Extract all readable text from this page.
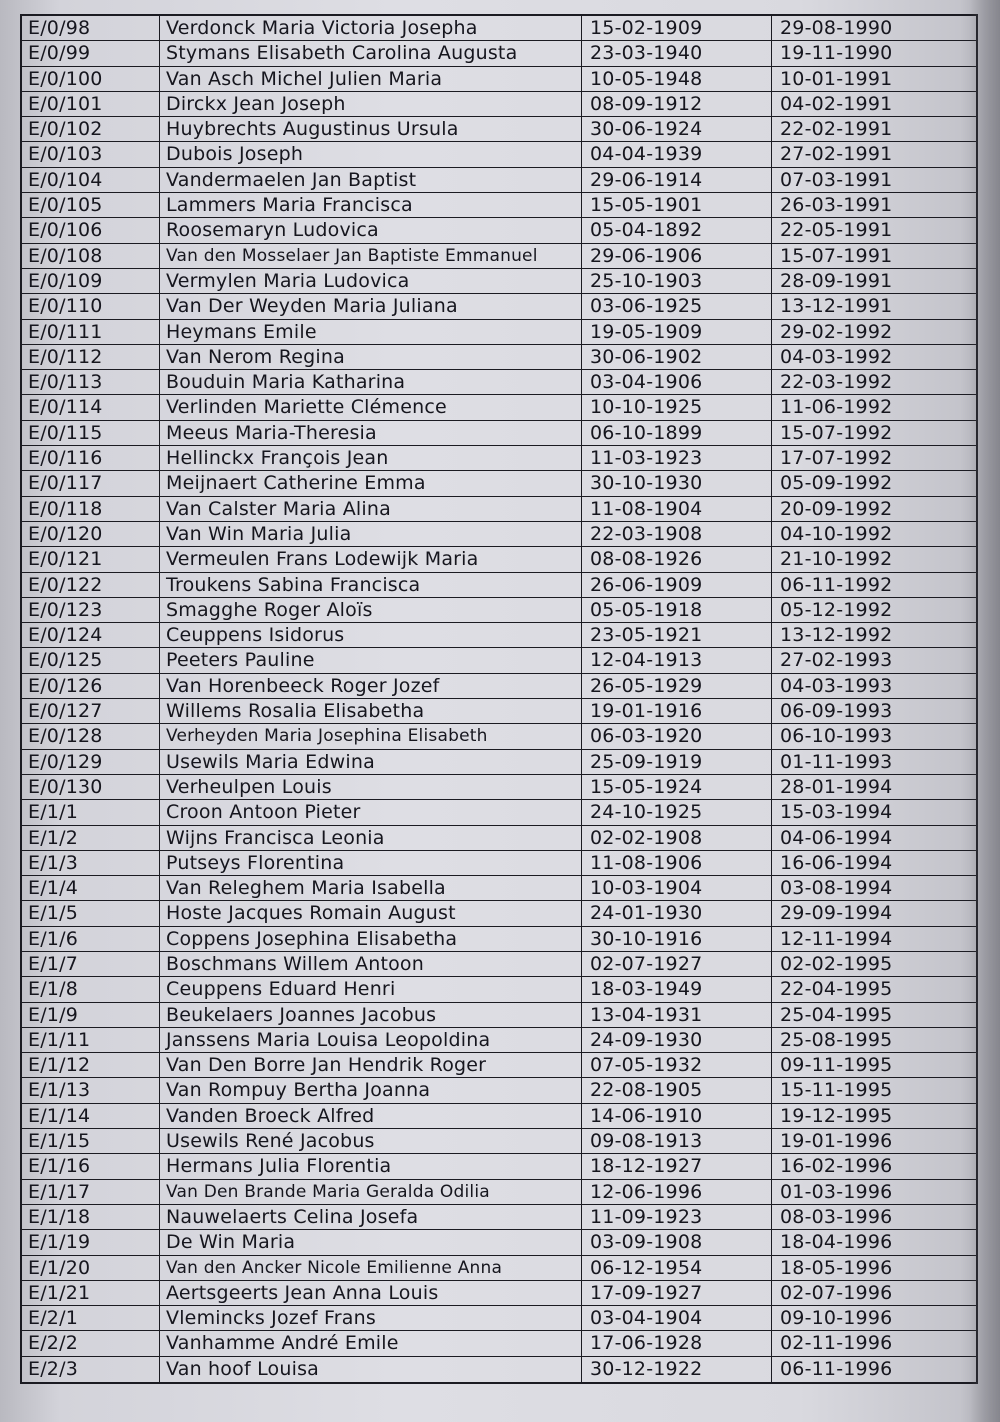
E/0/98	Verdonck Maria Victoria Josepha	15-02-1909	29-08-1990
E/0/99	Stymans Elisabeth Carolina Augusta	23-03-1940	19-11-1990
E/0/100	Van Asch Michel Julien Maria	10-05-1948	10-01-1991
E/0/101	Dirckx Jean Joseph	08-09-1912	04-02-1991
E/0/102	Huybrechts Augustinus Ursula	30-06-1924	22-02-1991
E/0/103	Dubois Joseph	04-04-1939	27-02-1991
E/0/104	Vandermaelen Jan Baptist	29-06-1914	07-03-1991
E/0/105	Lammers Maria Francisca	15-05-1901	26-03-1991
E/0/106	Roosemaryn Ludovica	05-04-1892	22-05-1991
E/0/108	Van den Mosselaer Jan Baptiste Emmanuel	29-06-1906	15-07-1991
E/0/109	Vermylen Maria Ludovica	25-10-1903	28-09-1991
E/0/110	Van Der Weyden Maria Juliana	03-06-1925	13-12-1991
E/0/111	Heymans Emile	19-05-1909	29-02-1992
E/0/112	Van Nerom Regina	30-06-1902	04-03-1992
E/0/113	Bouduin Maria Katharina	03-04-1906	22-03-1992
E/0/114	Verlinden Mariette Clémence	10-10-1925	11-06-1992
E/0/115	Meeus Maria-Theresia	06-10-1899	15-07-1992
E/0/116	Hellinckx François Jean	11-03-1923	17-07-1992
E/0/117	Meijnaert Catherine Emma	30-10-1930	05-09-1992
E/0/118	Van Calster Maria Alina	11-08-1904	20-09-1992
E/0/120	Van Win Maria Julia	22-03-1908	04-10-1992
E/0/121	Vermeulen Frans Lodewijk Maria	08-08-1926	21-10-1992
E/0/122	Troukens Sabina Francisca	26-06-1909	06-11-1992
E/0/123	Smagghe Roger Aloïs	05-05-1918	05-12-1992
E/0/124	Ceuppens Isidorus	23-05-1921	13-12-1992
E/0/125	Peeters Pauline	12-04-1913	27-02-1993
E/0/126	Van Horenbeeck Roger Jozef	26-05-1929	04-03-1993
E/0/127	Willems Rosalia Elisabetha	19-01-1916	06-09-1993
E/0/128	Verheyden Maria Josephina Elisabeth	06-03-1920	06-10-1993
E/0/129	Usewils Maria Edwina	25-09-1919	01-11-1993
E/0/130	Verheulpen Louis	15-05-1924	28-01-1994
E/1/1	Croon Antoon Pieter	24-10-1925	15-03-1994
E/1/2	Wijns Francisca Leonia	02-02-1908	04-06-1994
E/1/3	Putseys Florentina	11-08-1906	16-06-1994
E/1/4	Van Releghem Maria Isabella	10-03-1904	03-08-1994
E/1/5	Hoste Jacques Romain August	24-01-1930	29-09-1994
E/1/6	Coppens Josephina Elisabetha	30-10-1916	12-11-1994
E/1/7	Boschmans Willem Antoon	02-07-1927	02-02-1995
E/1/8	Ceuppens Eduard Henri	18-03-1949	22-04-1995
E/1/9	Beukelaers Joannes Jacobus	13-04-1931	25-04-1995
E/1/11	Janssens Maria Louisa Leopoldina	24-09-1930	25-08-1995
E/1/12	Van Den Borre Jan Hendrik Roger	07-05-1932	09-11-1995
E/1/13	Van Rompuy Bertha Joanna	22-08-1905	15-11-1995
E/1/14	Vanden Broeck Alfred	14-06-1910	19-12-1995
E/1/15	Usewils René Jacobus	09-08-1913	19-01-1996
E/1/16	Hermans Julia Florentia	18-12-1927	16-02-1996
E/1/17	Van Den Brande Maria Geralda Odilia	12-06-1996	01-03-1996
E/1/18	Nauwelaerts Celina Josefa	11-09-1923	08-03-1996
E/1/19	De Win Maria	03-09-1908	18-04-1996
E/1/20	Van den Ancker Nicole Emilienne Anna	06-12-1954	18-05-1996
E/1/21	Aertsgeerts Jean Anna Louis	17-09-1927	02-07-1996
E/2/1	Vlemincks Jozef Frans	03-04-1904	09-10-1996
E/2/2	Vanhamme André Emile	17-06-1928	02-11-1996
E/2/3	Van hoof Louisa	30-12-1922	06-11-1996
